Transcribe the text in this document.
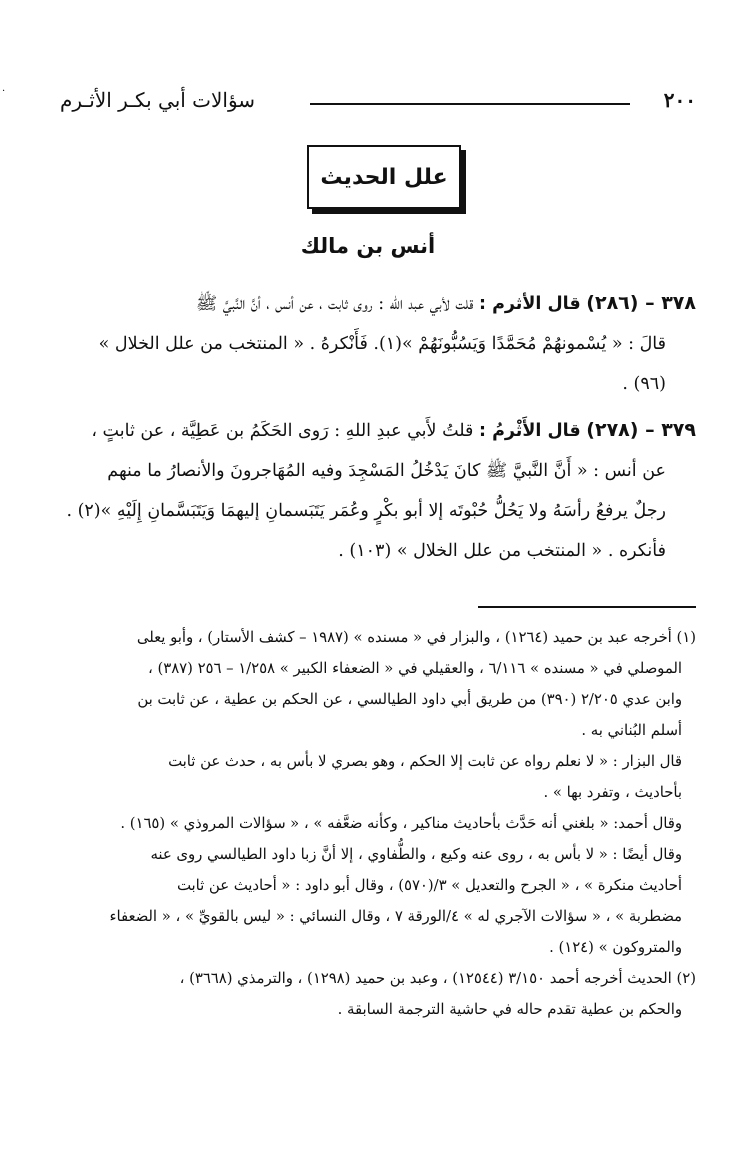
·	٢٠٠
سؤالات أبي بكـر الأثـرم
علل الحديث
أنس بن مالك

٣٧٨ – (٢٨٦) قال الأثرم : قلت لأبي عبد الله : روى ثابت ، عن أنس ، أنَّ النَّبيَّ ﷺ
قالَ : « يُسْمونهُمْ مُحَمَّدًا وَيَسُبُّونَهُمْ »(١). فَأَنْكرهُ . « المنتخب من علل الخلال »
(٩٦) .

٣٧٩ – (٢٧٨) قال الأَثْرمُ : قلتُ لأَبي عبدِ اللهِ : رَوى الحَكَمُ بن عَطِيَّة ، عن ثابتٍ ،
عن أنس : « أَنَّ النَّبيَّ ﷺ كانَ يَدْخُلُ المَسْجِدَ وفيه المُهَاجرونَ والأنصارُ ما منهم
رجلٌ يرفعُ رأسَهُ ولا يَحُلُّ حُبْوتَه إلا أبو بكْرٍ وعُمَر يَتَبَسمانِ إليهمَا وَيَتَبَسَّمانِ إِلَيْهِ »(٢) .
فأنكره . « المنتخب من علل الخلال » (١٠٣) .

(١) أخرجه عبد بن حميد (١٢٦٤) ، والبزار في « مسنده » (١٩٨٧ – كشف الأستار) ، وأبو يعلى

الموصلي في « مسنده » ٦/١١٦ ، والعقيلي في « الضعفاء الكبير » ١/٢٥٨ – ٢٥٦ (٣٨٧) ،

وابن عدي ٢/٢٠٥ (٣٩٠) من طريق أبي داود الطيالسي ، عن الحكم بن عطية ، عن ثابت بن

أسلم البُناني به .

قال البزار : « لا نعلم رواه عن ثابت إلا الحكم ، وهو بصري لا بأس به ، حدث عن ثابت

بأحاديث ، وتفرد بها » .

وقال أحمد: « بلغني أنه حَدَّث بأحاديث مناكير ، وكأنه ضعَّفه » ، « سؤالات المروذي » (١٦٥) .

وقال أيضًا : « لا بأس به ، روى عنه وكيع ، والطُّفاوي ، إلا أنَّ زبا داود الطيالسي روى عنه

أحاديث منكرة » ، « الجرح والتعديل » ٣/(٥٧٠) ، وقال أبو داود : « أحاديث عن ثابت

مضطربة » ، « سؤالات الآجري له » ٤/الورقة ٧ ، وقال النسائي : « ليس بالقويِّ » ، « الضعفاء

والمتروكون » (١٢٤) .

(٢) الحديث أخرجه أحمد ٣/١٥٠ (١٢٥٤٤) ، وعبد بن حميد (١٢٩٨) ، والترمذي (٣٦٦٨) ،

والحكم بن عطية تقدم حاله في حاشية الترجمة السابقة .
